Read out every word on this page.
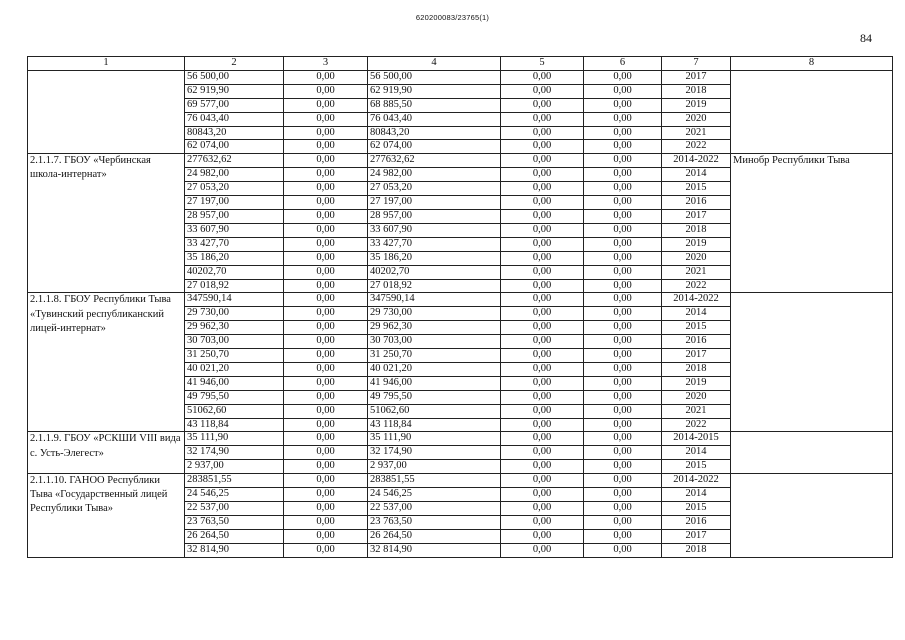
620200083/23765(1)
84
1	2	3	4	5	6	7	8
	56 500,00	0,00	56 500,00	0,00	0,00	2017	
	62 919,90	0,00	62 919,90	0,00	0,00	2018	
	69 577,00	0,00	68 885,50	0,00	0,00	2019	
	76 043,40	0,00	76 043,40	0,00	0,00	2020	
	80843,20	0,00	80843,20	0,00	0,00	2021	
	62 074,00	0,00	62 074,00	0,00	0,00	2022	
2.1.1.7. ГБОУ «Чербинская школа-интернат»	277632,62	0,00	277632,62	0,00	0,00	2014-2022	Минобр Республики Тыва
	24 982,00	0,00	24 982,00	0,00	0,00	2014	
	27 053,20	0,00	27 053,20	0,00	0,00	2015	
	27 197,00	0,00	27 197,00	0,00	0,00	2016	
	28 957,00	0,00	28 957,00	0,00	0,00	2017	
	33 607,90	0,00	33 607,90	0,00	0,00	2018	
	33 427,70	0,00	33 427,70	0,00	0,00	2019	
	35 186,20	0,00	35 186,20	0,00	0,00	2020	
	40202,70	0,00	40202,70	0,00	0,00	2021	
	27 018,92	0,00	27 018,92	0,00	0,00	2022	
2.1.1.8. ГБОУ Республики Тыва «Тувинский республиканский лицей-интернат»	347590,14	0,00	347590,14	0,00	0,00	2014-2022	
	29 730,00	0,00	29 730,00	0,00	0,00	2014	
	29 962,30	0,00	29 962,30	0,00	0,00	2015	
	30 703,00	0,00	30 703,00	0,00	0,00	2016	
	31 250,70	0,00	31 250,70	0,00	0,00	2017	
	40 021,20	0,00	40 021,20	0,00	0,00	2018	
	41 946,00	0,00	41 946,00	0,00	0,00	2019	
	49 795,50	0,00	49 795,50	0,00	0,00	2020	
	51062,60	0,00	51062,60	0,00	0,00	2021	
	43 118,84	0,00	43 118,84	0,00	0,00	2022	
2.1.1.9. ГБОУ «РСКШИ VIII вида с. Усть-Элегест»	35 111,90	0,00	35 111,90	0,00	0,00	2014-2015	
	32 174,90	0,00	32 174,90	0,00	0,00	2014	
	2 937,00	0,00	2 937,00	0,00	0,00	2015	
2.1.1.10. ГАНОО Республики Тыва «Государственный лицей Республики Тыва»	283851,55	0,00	283851,55	0,00	0,00	2014-2022	
	24 546,25	0,00	24 546,25	0,00	0,00	2014	
	22 537,00	0,00	22 537,00	0,00	0,00	2015	
	23 763,50	0,00	23 763,50	0,00	0,00	2016	
	26 264,50	0,00	26 264,50	0,00	0,00	2017	
	32 814,90	0,00	32 814,90	0,00	0,00	2018	
